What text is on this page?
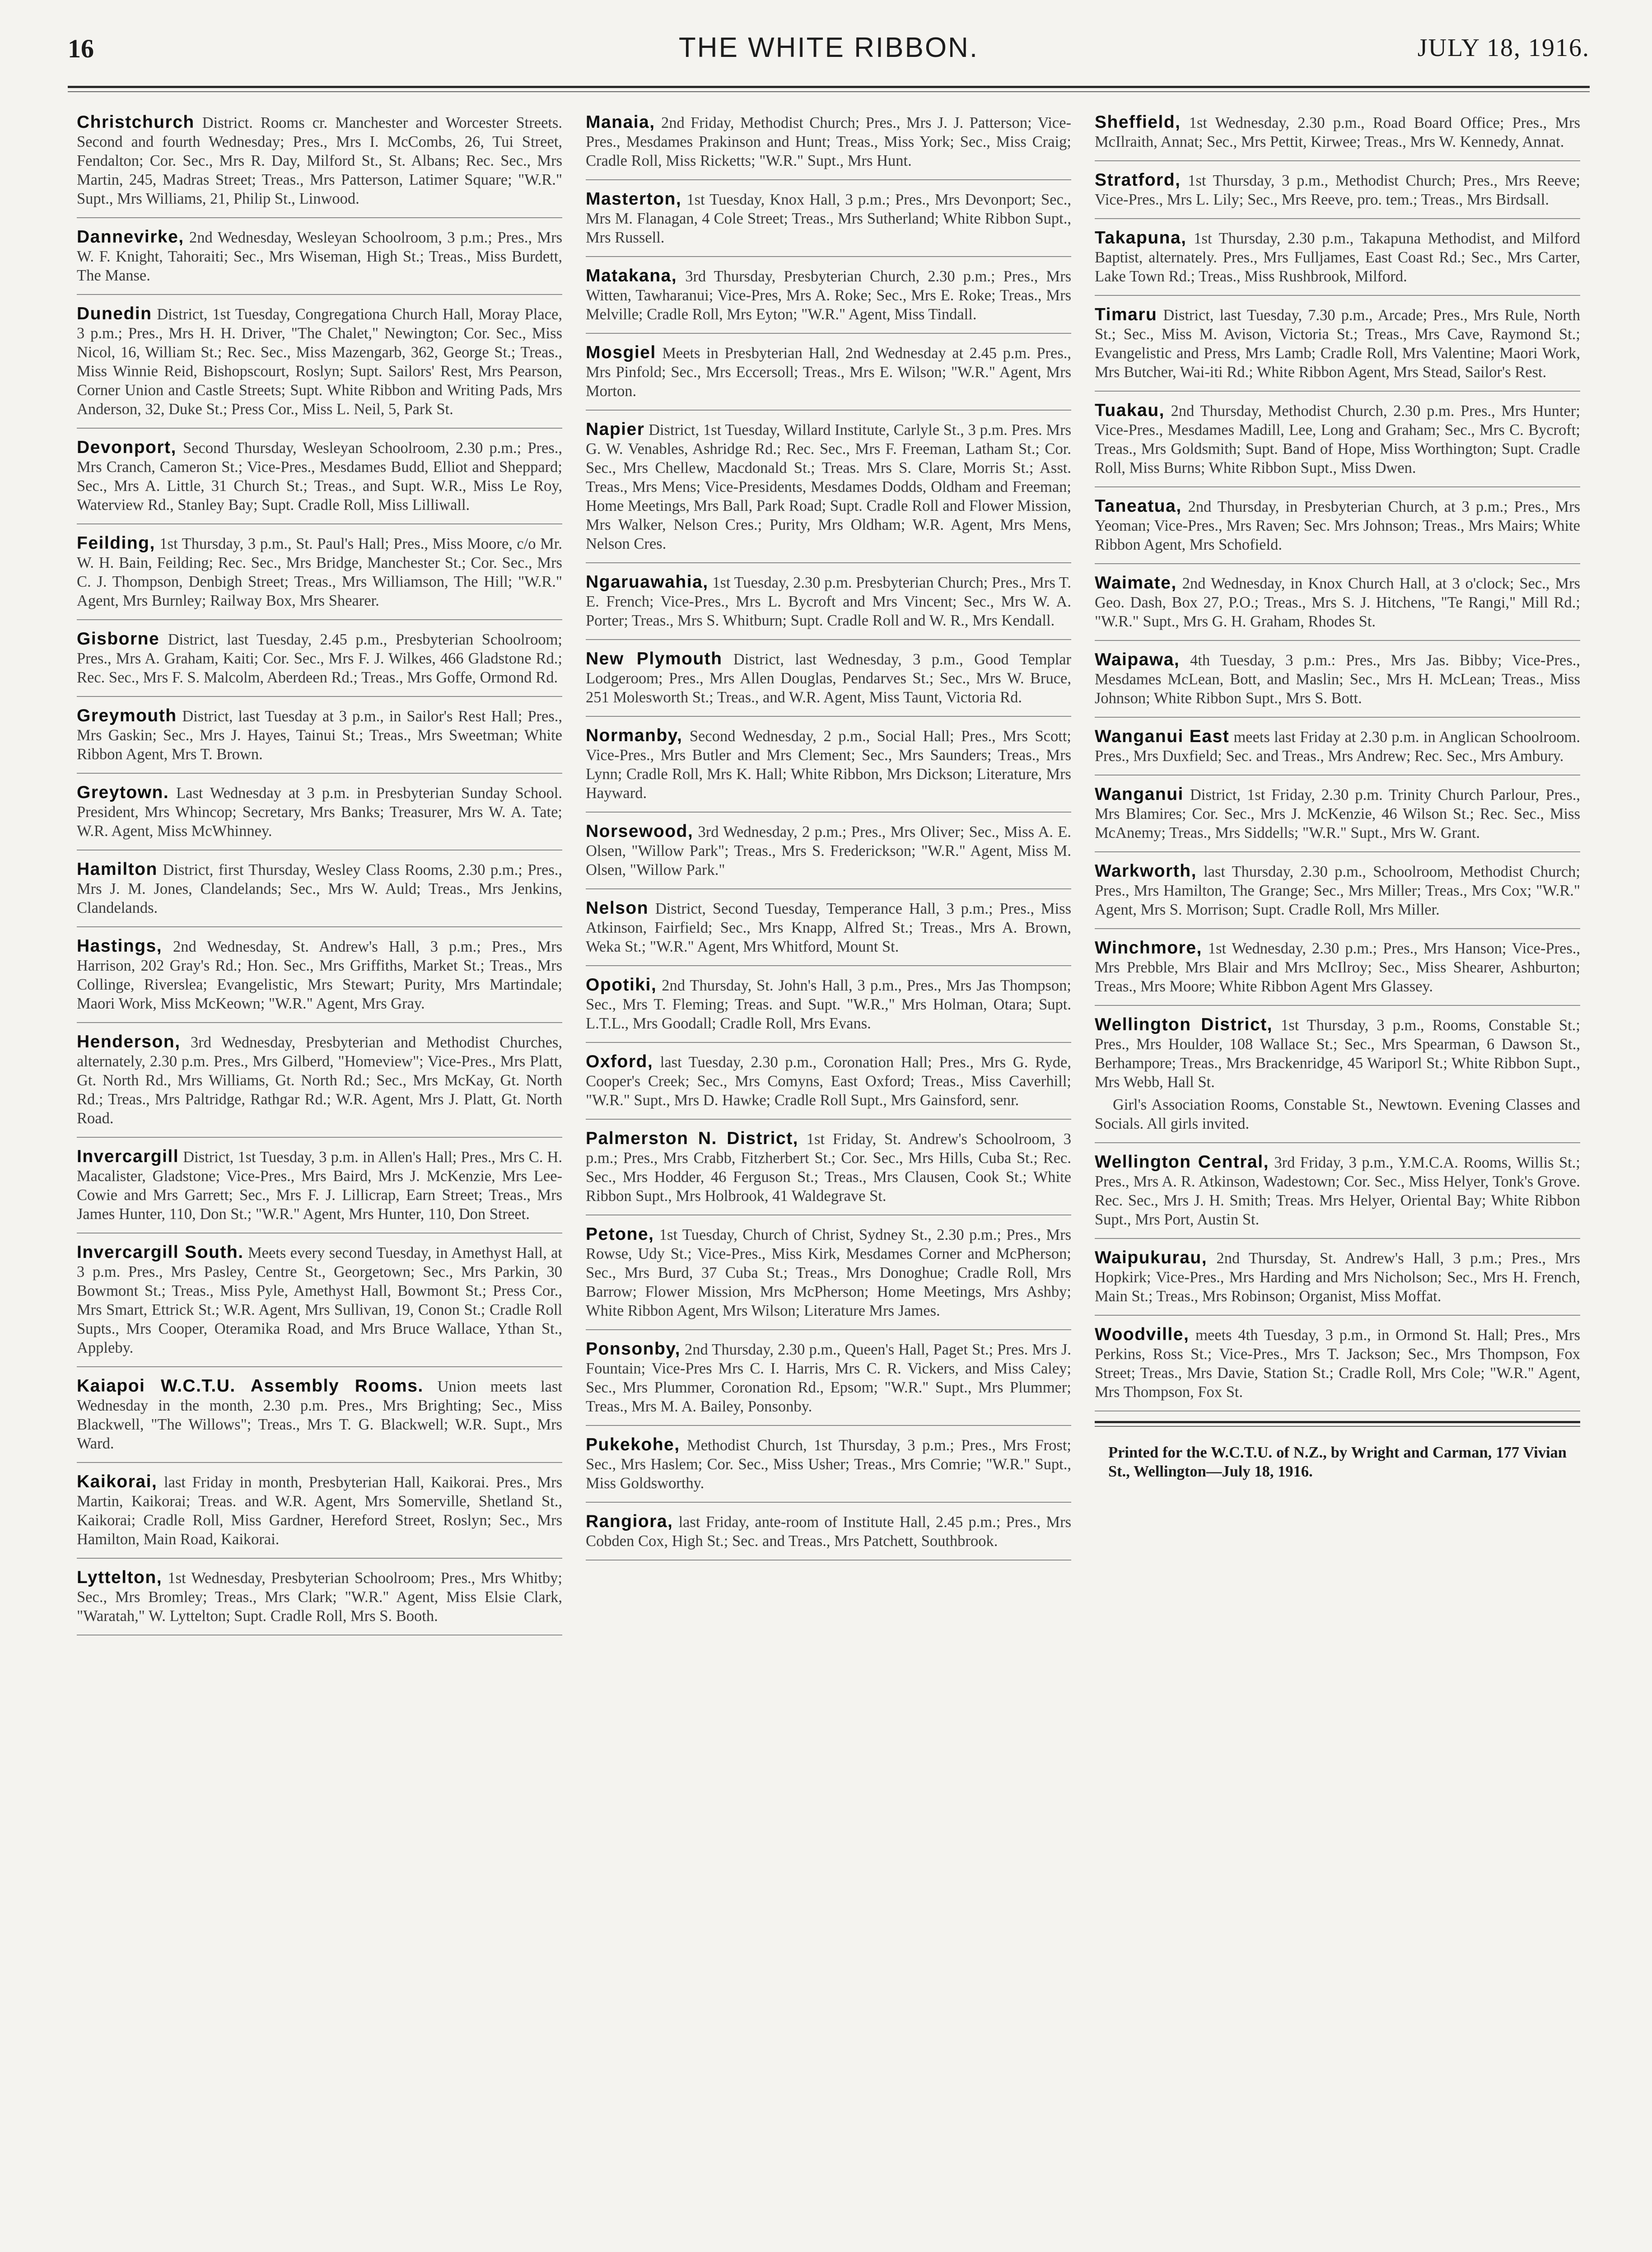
16	THE WHITE RIBBON.	JULY 18, 1916.
Christchurch District. Rooms cr. Manchester and Worcester Streets. Second and fourth Wednesday; Pres., Mrs I. McCombs, 26, Tui Street, Fendalton; Cor. Sec., Mrs R. Day, Milford St., St. Albans; Rec. Sec., Mrs Martin, 245, Madras Street; Treas., Mrs Patterson, Latimer Square; "W.R." Supt., Mrs Williams, 21, Philip St., Linwood.
Dannevirke, 2nd Wednesday, Wesleyan Schoolroom, 3 p.m.; Pres., Mrs W. F. Knight, Tahoraiti; Sec., Mrs Wiseman, High St.; Treas., Miss Burdett, The Manse.
Dunedin District, 1st Tuesday, Congregationa Church Hall, Moray Place, 3 p.m.; Pres., Mrs H. H. Driver, "The Chalet," Newington; Cor. Sec., Miss Nicol, 16, William St.; Rec. Sec., Miss Mazengarb, 362, George St.; Treas., Miss Winnie Reid, Bishopscourt, Roslyn; Supt. Sailors' Rest, Mrs Pearson, Corner Union and Castle Streets; Supt. White Ribbon and Writing Pads, Mrs Anderson, 32, Duke St.; Press Cor., Miss L. Neil, 5, Park St.
Devonport, Second Thursday, Wesleyan Schoolroom, 2.30 p.m.; Pres., Mrs Cranch, Cameron St.; Vice-Pres., Mesdames Budd, Elliot and Sheppard; Sec., Mrs A. Little, 31 Church St.; Treas., and Supt. W.R., Miss Le Roy, Waterview Rd., Stanley Bay; Supt. Cradle Roll, Miss Lilliwall.
Feilding, 1st Thursday, 3 p.m., St. Paul's Hall; Pres., Miss Moore, c/o Mr. W. H. Bain, Feilding; Rec. Sec., Mrs Bridge, Manchester St.; Cor. Sec., Mrs C. J. Thompson, Denbigh Street; Treas., Mrs Williamson, The Hill; "W.R." Agent, Mrs Burnley; Railway Box, Mrs Shearer.
Gisborne District, last Tuesday, 2.45 p.m., Presbyterian Schoolroom; Pres., Mrs A. Graham, Kaiti; Cor. Sec., Mrs F. J. Wilkes, 466 Gladstone Rd.; Rec. Sec., Mrs F. S. Malcolm, Aberdeen Rd.; Treas., Mrs Goffe, Ormond Rd.
Greymouth District, last Tuesday at 3 p.m., in Sailor's Rest Hall; Pres., Mrs Gaskin; Sec., Mrs J. Hayes, Tainui St.; Treas., Mrs Sweetman; White Ribbon Agent, Mrs T. Brown.
Greytown. Last Wednesday at 3 p.m. in Presbyterian Sunday School. President, Mrs Whincop; Secretary, Mrs Banks; Treasurer, Mrs W. A. Tate; W.R. Agent, Miss McWhinney.
Hamilton District, first Thursday, Wesley Class Rooms, 2.30 p.m.; Pres., Mrs J. M. Jones, Clandelands; Sec., Mrs W. Auld; Treas., Mrs Jenkins, Clandelands.
Hastings, 2nd Wednesday, St. Andrew's Hall, 3 p.m.; Pres., Mrs Harrison, 202 Gray's Rd.; Hon. Sec., Mrs Griffiths, Market St.; Treas., Mrs Collinge, Riverslea; Evangelistic, Mrs Stewart; Purity, Mrs Martindale; Maori Work, Miss McKeown; "W.R." Agent, Mrs Gray.
Henderson, 3rd Wednesday, Presbyterian and Methodist Churches, alternately, 2.30 p.m. Pres., Mrs Gilberd, "Homeview"; Vice-Pres., Mrs Platt, Gt. North Rd., Mrs Williams, Gt. North Rd.; Sec., Mrs McKay, Gt. North Rd.; Treas., Mrs Paltridge, Rathgar Rd.; W.R. Agent, Mrs J. Platt, Gt. North Road.
Invercargill District, 1st Tuesday, 3 p.m. in Allen's Hall; Pres., Mrs C. H. Macalister, Gladstone; Vice-Pres., Mrs Baird, Mrs J. McKenzie, Mrs Lee-Cowie and Mrs Garrett; Sec., Mrs F. J. Lillicrap, Earn Street; Treas., Mrs James Hunter, 110, Don St.; "W.R." Agent, Mrs Hunter, 110, Don Street.
Invercargill South. Meets every second Tuesday, in Amethyst Hall, at 3 p.m. Pres., Mrs Pasley, Centre St., Georgetown; Sec., Mrs Parkin, 30 Bowmont St.; Treas., Miss Pyle, Amethyst Hall, Bowmont St.; Press Cor., Mrs Smart, Ettrick St.; W.R. Agent, Mrs Sullivan, 19, Conon St.; Cradle Roll Supts., Mrs Cooper, Oteramika Road, and Mrs Bruce Wallace, Ythan St., Appleby.
Kaiapoi W.C.T.U. Assembly Rooms. Union meets last Wednesday in the month, 2.30 p.m. Pres., Mrs Brighting; Sec., Miss Blackwell, "The Willows"; Treas., Mrs T. G. Blackwell; W.R. Supt., Mrs Ward.
Kaikorai, last Friday in month, Presbyterian Hall, Kaikorai. Pres., Mrs Martin, Kaikorai; Treas. and W.R. Agent, Mrs Somerville, Shetland St., Kaikorai; Cradle Roll, Miss Gardner, Hereford Street, Roslyn; Sec., Mrs Hamilton, Main Road, Kaikorai.
Lyttelton, 1st Wednesday, Presbyterian Schoolroom; Pres., Mrs Whitby; Sec., Mrs Bromley; Treas., Mrs Clark; "W.R." Agent, Miss Elsie Clark, "Waratah," W. Lyttelton; Supt. Cradle Roll, Mrs S. Booth.
Manaia, 2nd Friday, Methodist Church; Pres., Mrs J. J. Patterson; Vice-Pres., Mesdames Prakinson and Hunt; Treas., Miss York; Sec., Miss Craig; Cradle Roll, Miss Ricketts; "W.R." Supt., Mrs Hunt.
Masterton, 1st Tuesday, Knox Hall, 3 p.m.; Pres., Mrs Devonport; Sec., Mrs M. Flanagan, 4 Cole Street; Treas., Mrs Sutherland; White Ribbon Supt., Mrs Russell.
Matakana, 3rd Thursday, Presbyterian Church, 2.30 p.m.; Pres., Mrs Witten, Tawharanui; Vice-Pres, Mrs A. Roke; Sec., Mrs E. Roke; Treas., Mrs Melville; Cradle Roll, Mrs Eyton; "W.R." Agent, Miss Tindall.
Mosgiel Meets in Presbyterian Hall, 2nd Wednesday at 2.45 p.m. Pres., Mrs Pinfold; Sec., Mrs Eccersoll; Treas., Mrs E. Wilson; "W.R." Agent, Mrs Morton.
Napier District, 1st Tuesday, Willard Institute, Carlyle St., 3 p.m. Pres. Mrs G. W. Venables, Ashridge Rd.; Rec. Sec., Mrs F. Freeman, Latham St.; Cor. Sec., Mrs Chellew, Macdonald St.; Treas. Mrs S. Clare, Morris St.; Asst. Treas., Mrs Mens; Vice-Presidents, Mesdames Dodds, Oldham and Freeman; Home Meetings, Mrs Ball, Park Road; Supt. Cradle Roll and Flower Mission, Mrs Walker, Nelson Cres.; Purity, Mrs Oldham; W.R. Agent, Mrs Mens, Nelson Cres.
Ngaruawahia, 1st Tuesday, 2.30 p.m. Presbyterian Church; Pres., Mrs T. E. French; Vice-Pres., Mrs L. Bycroft and Mrs Vincent; Sec., Mrs W. A. Porter; Treas., Mrs S. Whitburn; Supt. Cradle Roll and W. R., Mrs Kendall.
New Plymouth District, last Wednesday, 3 p.m., Good Templar Lodgeroom; Pres., Mrs Allen Douglas, Pendarves St.; Sec., Mrs W. Bruce, 251 Molesworth St.; Treas., and W.R. Agent, Miss Taunt, Victoria Rd.
Normanby, Second Wednesday, 2 p.m., Social Hall; Pres., Mrs Scott; Vice-Pres., Mrs Butler and Mrs Clement; Sec., Mrs Saunders; Treas., Mrs Lynn; Cradle Roll, Mrs K. Hall; White Ribbon, Mrs Dickson; Literature, Mrs Hayward.
Norsewood, 3rd Wednesday, 2 p.m.; Pres., Mrs Oliver; Sec., Miss A. E. Olsen, "Willow Park"; Treas., Mrs S. Frederickson; "W.R." Agent, Miss M. Olsen, "Willow Park."
Nelson District, Second Tuesday, Temperance Hall, 3 p.m.; Pres., Miss Atkinson, Fairfield; Sec., Mrs Knapp, Alfred St.; Treas., Mrs A. Brown, Weka St.; "W.R." Agent, Mrs Whitford, Mount St.
Opotiki, 2nd Thursday, St. John's Hall, 3 p.m., Pres., Mrs Jas Thompson; Sec., Mrs T. Fleming; Treas. and Supt. "W.R.," Mrs Holman, Otara; Supt. L.T.L., Mrs Goodall; Cradle Roll, Mrs Evans.
Oxford, last Tuesday, 2.30 p.m., Coronation Hall; Pres., Mrs G. Ryde, Cooper's Creek; Sec., Mrs Comyns, East Oxford; Treas., Miss Caverhill; "W.R." Supt., Mrs D. Hawke; Cradle Roll Supt., Mrs Gainsford, senr.
Palmerston N. District, 1st Friday, St. Andrew's Schoolroom, 3 p.m.; Pres., Mrs Crabb, Fitzherbert St.; Cor. Sec., Mrs Hills, Cuba St.; Rec. Sec., Mrs Hodder, 46 Ferguson St.; Treas., Mrs Clausen, Cook St.; White Ribbon Supt., Mrs Holbrook, 41 Waldegrave St.
Petone, 1st Tuesday, Church of Christ, Sydney St., 2.30 p.m.; Pres., Mrs Rowse, Udy St.; Vice-Pres., Miss Kirk, Mesdames Corner and McPherson; Sec., Mrs Burd, 37 Cuba St.; Treas., Mrs Donoghue; Cradle Roll, Mrs Barrow; Flower Mission, Mrs McPherson; Home Meetings, Mrs Ashby; White Ribbon Agent, Mrs Wilson; Literature Mrs James.
Ponsonby, 2nd Thursday, 2.30 p.m., Queen's Hall, Paget St.; Pres. Mrs J. Fountain; Vice-Pres Mrs C. I. Harris, Mrs C. R. Vickers, and Miss Caley; Sec., Mrs Plummer, Coronation Rd., Epsom; "W.R." Supt., Mrs Plummer; Treas., Mrs M. A. Bailey, Ponsonby.
Pukekohe, Methodist Church, 1st Thursday, 3 p.m.; Pres., Mrs Frost; Sec., Mrs Haslem; Cor. Sec., Miss Usher; Treas., Mrs Comrie; "W.R." Supt., Miss Goldsworthy.
Rangiora, last Friday, ante-room of Institute Hall, 2.45 p.m.; Pres., Mrs Cobden Cox, High St.; Sec. and Treas., Mrs Patchett, Southbrook.
Sheffield, 1st Wednesday, 2.30 p.m., Road Board Office; Pres., Mrs McIlraith, Annat; Sec., Mrs Pettit, Kirwee; Treas., Mrs W. Kennedy, Annat.
Stratford, 1st Thursday, 3 p.m., Methodist Church; Pres., Mrs Reeve; Vice-Pres., Mrs L. Lily; Sec., Mrs Reeve, pro. tem.; Treas., Mrs Birdsall.
Takapuna, 1st Thursday, 2.30 p.m., Takapuna Methodist, and Milford Baptist, alternately. Pres., Mrs Fulljames, East Coast Rd.; Sec., Mrs Carter, Lake Town Rd.; Treas., Miss Rushbrook, Milford.
Timaru District, last Tuesday, 7.30 p.m., Arcade; Pres., Mrs Rule, North St.; Sec., Miss M. Avison, Victoria St.; Treas., Mrs Cave, Raymond St.; Evangelistic and Press, Mrs Lamb; Cradle Roll, Mrs Valentine; Maori Work, Mrs Butcher, Wai-iti Rd.; White Ribbon Agent, Mrs Stead, Sailor's Rest.
Tuakau, 2nd Thursday, Methodist Church, 2.30 p.m. Pres., Mrs Hunter; Vice-Pres., Mesdames Madill, Lee, Long and Graham; Sec., Mrs C. Bycroft; Treas., Mrs Goldsmith; Supt. Band of Hope, Miss Worthington; Supt. Cradle Roll, Miss Burns; White Ribbon Supt., Miss Dwen.
Taneatua, 2nd Thursday, in Presbyterian Church, at 3 p.m.; Pres., Mrs Yeoman; Vice-Pres., Mrs Raven; Sec. Mrs Johnson; Treas., Mrs Mairs; White Ribbon Agent, Mrs Schofield.
Waimate, 2nd Wednesday, in Knox Church Hall, at 3 o'clock; Sec., Mrs Geo. Dash, Box 27, P.O.; Treas., Mrs S. J. Hitchens, "Te Rangi," Mill Rd.; "W.R." Supt., Mrs G. H. Graham, Rhodes St.
Waipawa, 4th Tuesday, 3 p.m.: Pres., Mrs Jas. Bibby; Vice-Pres., Mesdames McLean, Bott, and Maslin; Sec., Mrs H. McLean; Treas., Miss Johnson; White Ribbon Supt., Mrs S. Bott.
Wanganui East meets last Friday at 2.30 p.m. in Anglican Schoolroom. Pres., Mrs Duxfield; Sec. and Treas., Mrs Andrew; Rec. Sec., Mrs Ambury.
Wanganui District, 1st Friday, 2.30 p.m. Trinity Church Parlour, Pres., Mrs Blamires; Cor. Sec., Mrs J. McKenzie, 46 Wilson St.; Rec. Sec., Miss McAnemy; Treas., Mrs Siddells; "W.R." Supt., Mrs W. Grant.
Warkworth, last Thursday, 2.30 p.m., Schoolroom, Methodist Church; Pres., Mrs Hamilton, The Grange; Sec., Mrs Miller; Treas., Mrs Cox; "W.R." Agent, Mrs S. Morrison; Supt. Cradle Roll, Mrs Miller.
Winchmore, 1st Wednesday, 2.30 p.m.; Pres., Mrs Hanson; Vice-Pres., Mrs Prebble, Mrs Blair and Mrs McIlroy; Sec., Miss Shearer, Ashburton; Treas., Mrs Moore; White Ribbon Agent Mrs Glassey.
Wellington District, 1st Thursday, 3 p.m., Rooms, Constable St.; Pres., Mrs Houlder, 108 Wallace St.; Sec., Mrs Spearman, 6 Dawson St., Berhampore; Treas., Mrs Brackenridge, 45 Wariporl St.; White Ribbon Supt., Mrs Webb, Hall St.
Girl's Association Rooms, Constable St., Newtown. Evening Classes and Socials. All girls invited.
Wellington Central, 3rd Friday, 3 p.m., Y.M.C.A. Rooms, Willis St.; Pres., Mrs A. R. Atkinson, Wadestown; Cor. Sec., Miss Helyer, Tonk's Grove. Rec. Sec., Mrs J. H. Smith; Treas. Mrs Helyer, Oriental Bay; White Ribbon Supt., Mrs Port, Austin St.
Waipukurau, 2nd Thursday, St. Andrew's Hall, 3 p.m.; Pres., Mrs Hopkirk; Vice-Pres., Mrs Harding and Mrs Nicholson; Sec., Mrs H. French, Main St.; Treas., Mrs Robinson; Organist, Miss Moffat.
Woodville, meets 4th Tuesday, 3 p.m., in Ormond St. Hall; Pres., Mrs Perkins, Ross St.; Vice-Pres., Mrs T. Jackson; Sec., Mrs Thompson, Fox Street; Treas., Mrs Davie, Station St.; Cradle Roll, Mrs Cole; "W.R." Agent, Mrs Thompson, Fox St.
Printed for the W.C.T.U. of N.Z., by Wright and Carman, 177 Vivian St., Wellington—July 18, 1916.
